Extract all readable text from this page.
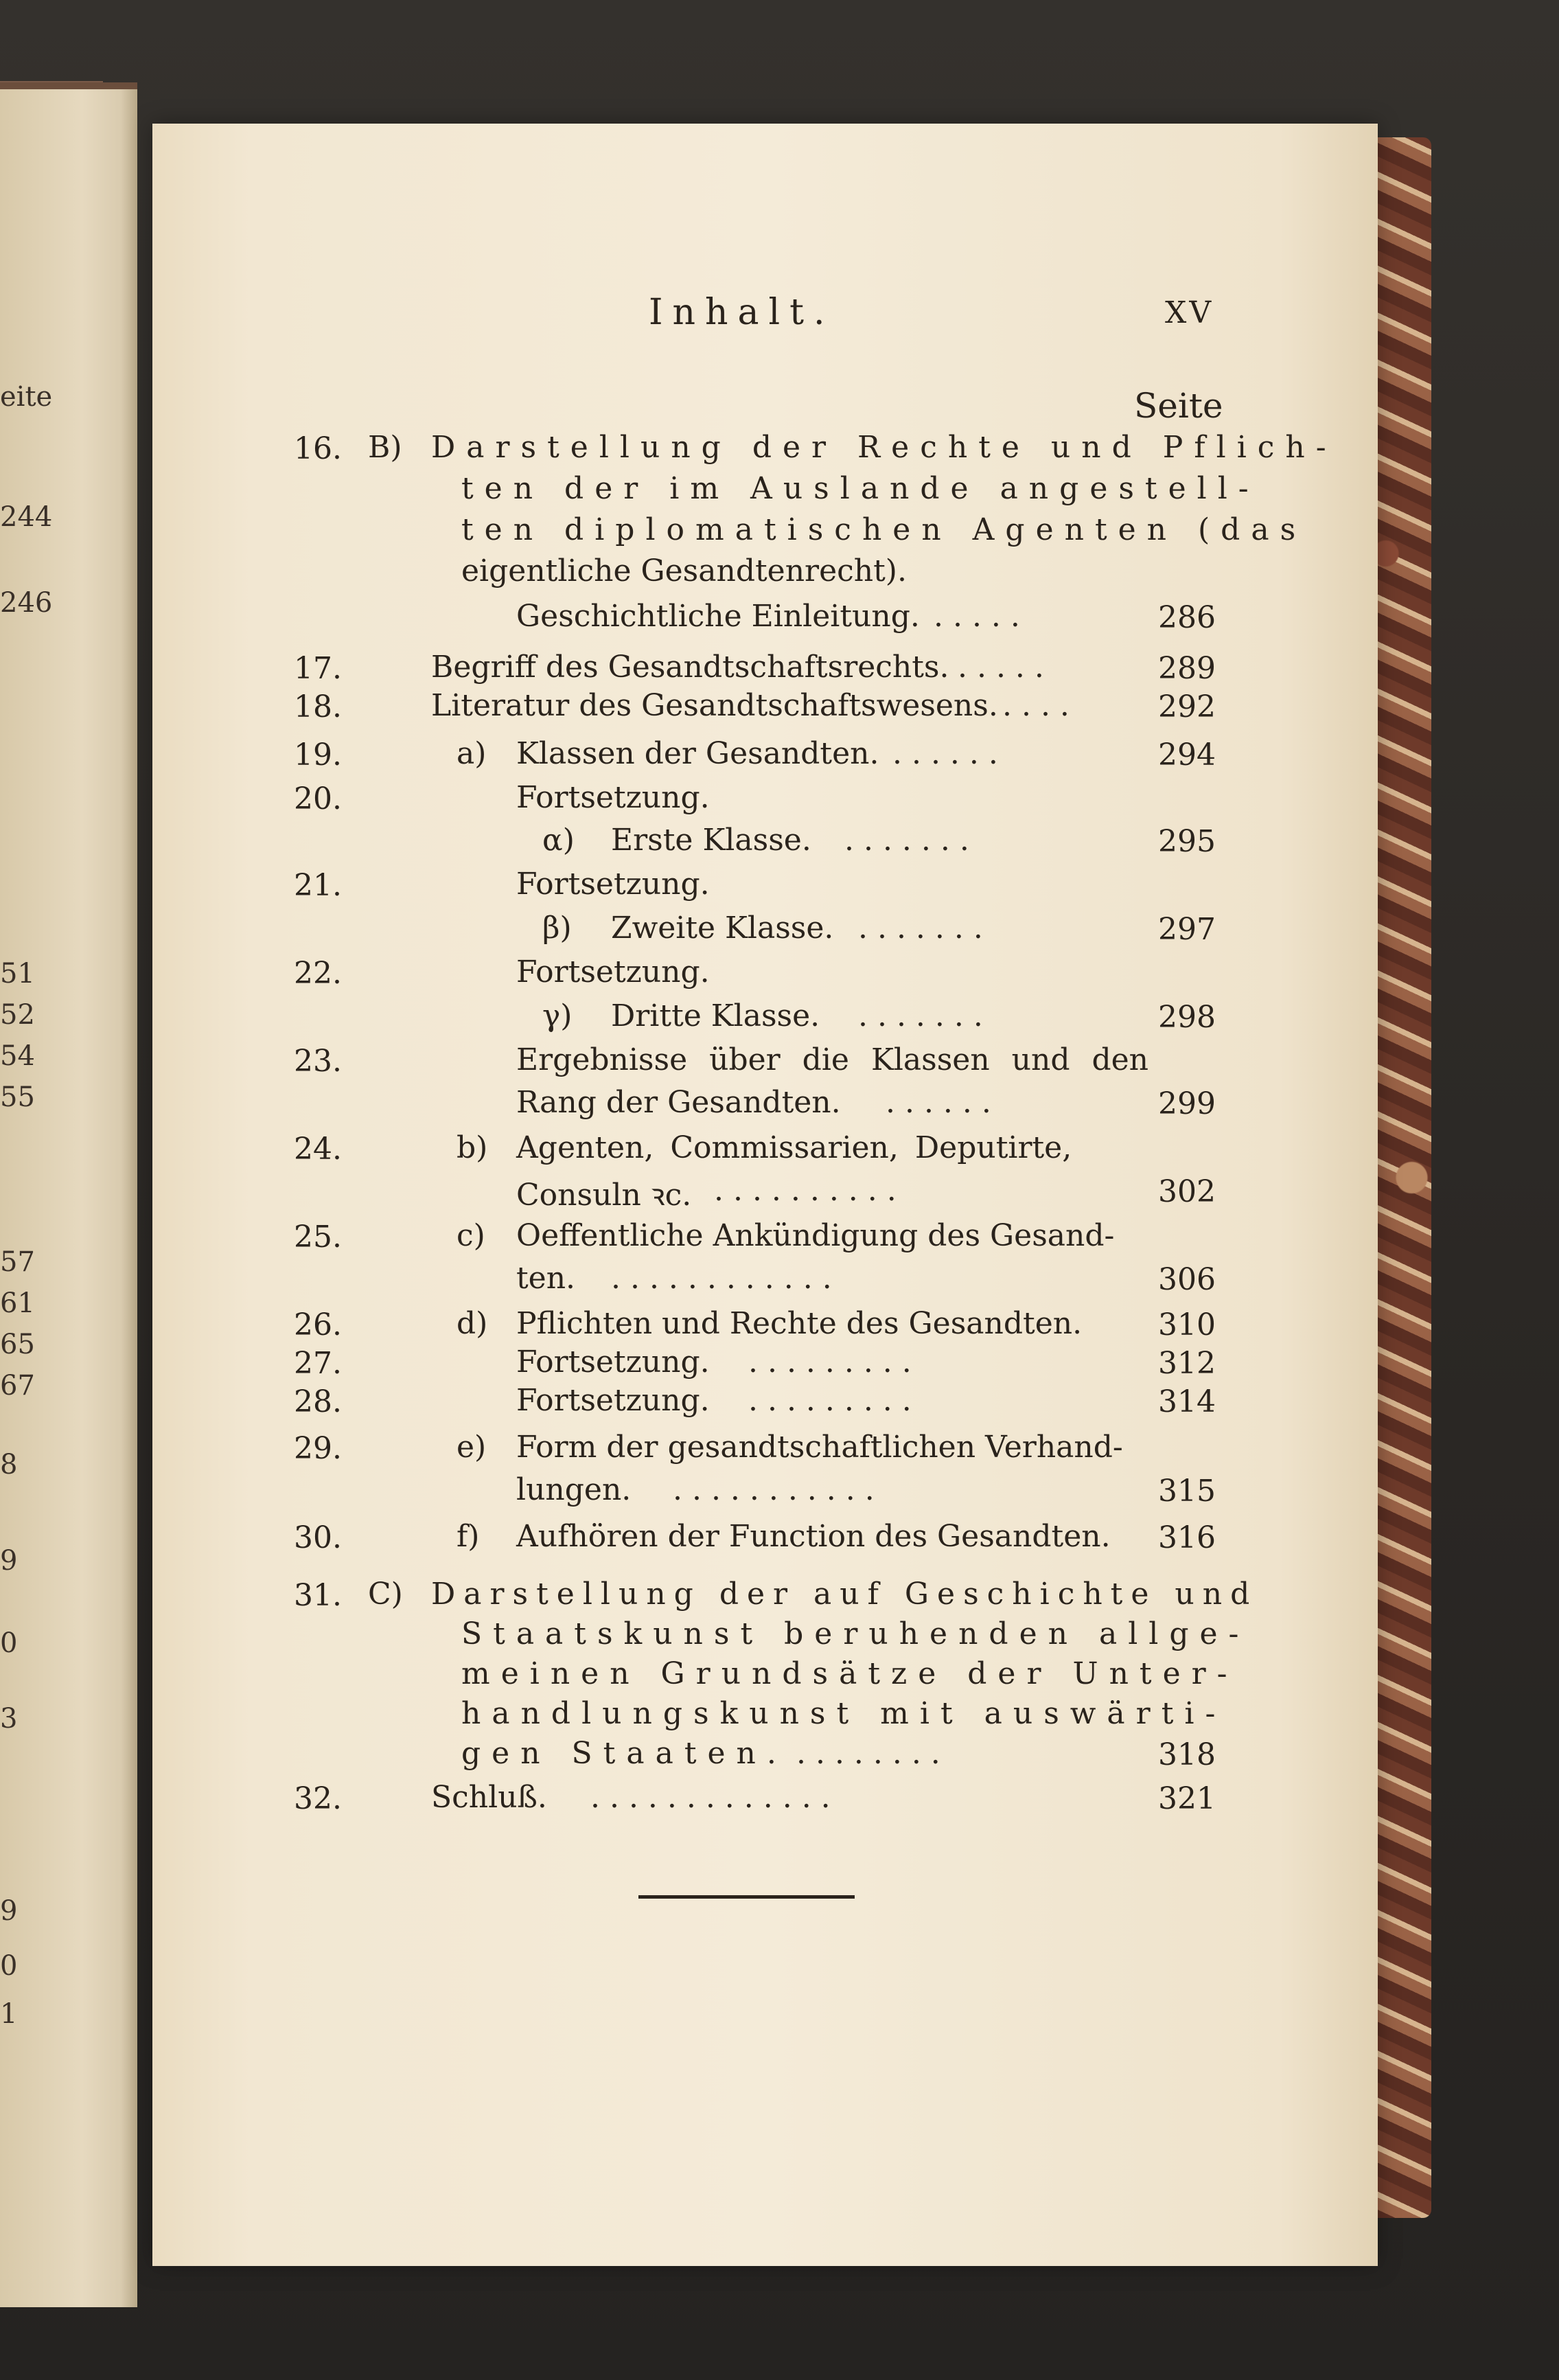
eite
244
246
51
52
54
55
57
61
65
67
8
9
0
3
9
0
1
Inhalt.	XV
Seite
16. B) Darstellung der Rechte und Pflich-
ten der im Auslande angestell-
ten diplomatischen Agenten (das
eigentliche Gesandtenrecht).
Geschichtliche Einleitung. . . . . .	286
17.	Begriff des Gesandtschaftsrechts. . . . . .	289
18.	Literatur des Gesandtschaftswesens. . . . .	292
19.	a) Klassen der Gesandten. . . . . . .	294
20.	Fortsetzung.
α) Erste Klasse. . . . . . . .	295
21.	Fortsetzung.
β) Zweite Klasse. . . . . . . .	297
22.	Fortsetzung.
γ) Dritte Klasse. . . . . . . .	298
23.	Ergebnisse über die Klassen und den
Rang der Gesandten. . . . . . .	299
24.	b) Agenten, Commissarien, Deputirte,
Consuln ꝛc. . . . . . . . . . .	302
25.	c) Oeffentliche Ankündigung des Gesand-
ten. . . . . . . . . . . . .	306
26.	d) Pflichten und Rechte des Gesandten.	310
27.	Fortsetzung. . . . . . . . . .	312
28.	Fortsetzung. . . . . . . . . .	314
29.	e) Form der gesandtschaftlichen Verhand-
lungen. . . . . . . . . . . .	315
30.	f) Aufhören der Function des Gesandten. 316
31. C) Darstellung der auf Geschichte und
Staatskunst beruhenden allge-
meinen Grundsätze der Unter-
handlungskunst mit auswärti-
gen Staaten. . . . . . . . .	318
32.	Schluß. . . . . . . . . . . . . .	321
